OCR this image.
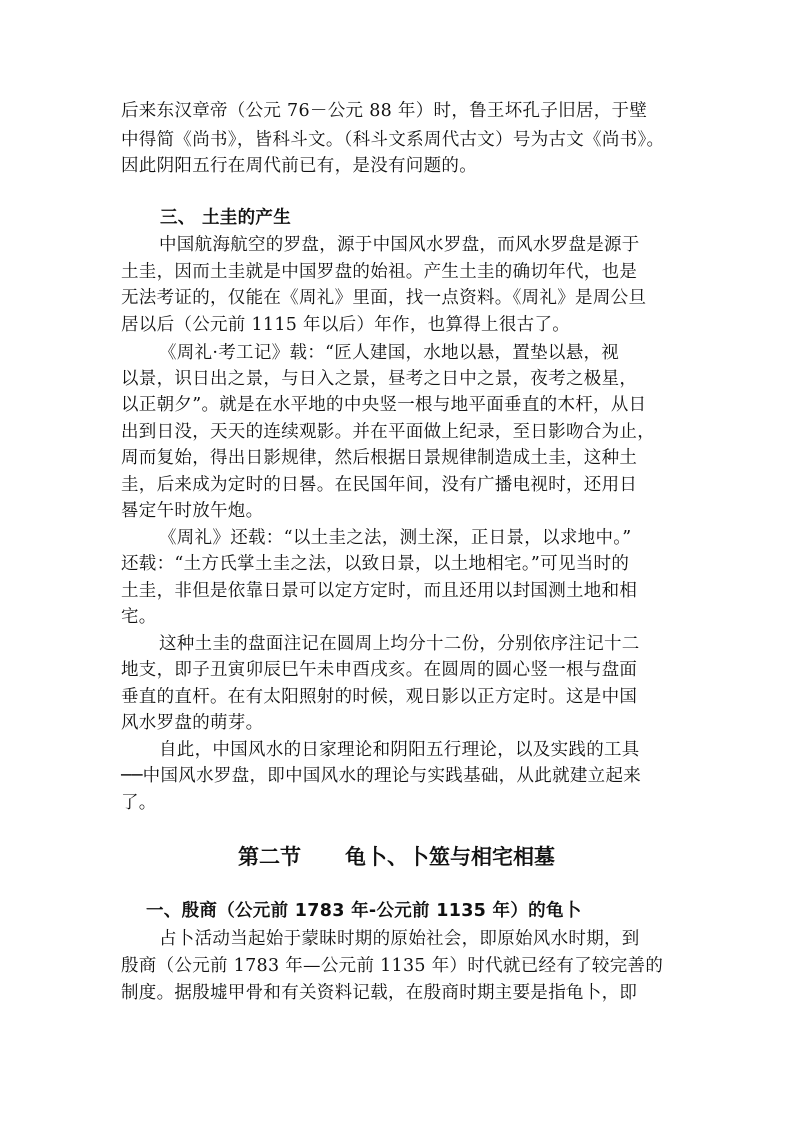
后来东汉章帝（公元 76－公元 88 年）时，鲁王坏孔子旧居，于壁
中得简《尚书》，皆科斗文。（科斗文系周代古文）号为古文《尚书》。
因此阴阳五行在周代前已有，是没有问题的。
三、 土圭的产生
中国航海航空的罗盘，源于中国风水罗盘，而风水罗盘是源于
土圭，因而土圭就是中国罗盘的始祖。产生土圭的确切年代，也是
无法考证的，仅能在《周礼》里面，找一点资料。《周礼》是周公旦
居以后（公元前 1115 年以后）年作，也算得上很古了。
《周礼·考工记》载：“匠人建国，水地以悬，置垫以悬，视
以景，识日出之景，与日入之景，昼考之日中之景，夜考之极星，
以正朝夕”。就是在水平地的中央竖一根与地平面垂直的木杆，从日
出到日没，天天的连续观影。并在平面做上纪录，至日影吻合为止，
周而复始，得出日影规律，然后根据日景规律制造成土圭，这种土
圭，后来成为定时的日晷。在民国年间，没有广播电视时，还用日
晷定午时放午炮。
《周礼》还载：“以土圭之法，测土深，正日景，以求地中。”
还载：“土方氏掌土圭之法，以致日景，以土地相宅。”可见当时的
土圭，非但是依靠日景可以定方定时，而且还用以封国测土地和相
宅。
这种土圭的盘面注记在圆周上均分十二份，分别依序注记十二
地支，即子丑寅卯辰巳午未申酉戌亥。在圆周的圆心竖一根与盘面
垂直的直杆。在有太阳照射的时候，观日影以正方定时。这是中国
风水罗盘的萌芽。
自此，中国风水的日家理论和阴阳五行理论，以及实践的工具
──中国风水罗盘，即中国风水的理论与实践基础，从此就建立起来
了。
第二节 龟卜、卜筮与相宅相墓
一、殷商（公元前 1783 年-公元前 1135 年）的龟卜
占卜活动当起始于蒙昧时期的原始社会，即原始风水时期，到
殷商（公元前 1783 年—公元前 1135 年）时代就已经有了较完善的
制度。据殷墟甲骨和有关资料记载，在殷商时期主要是指龟卜，即
